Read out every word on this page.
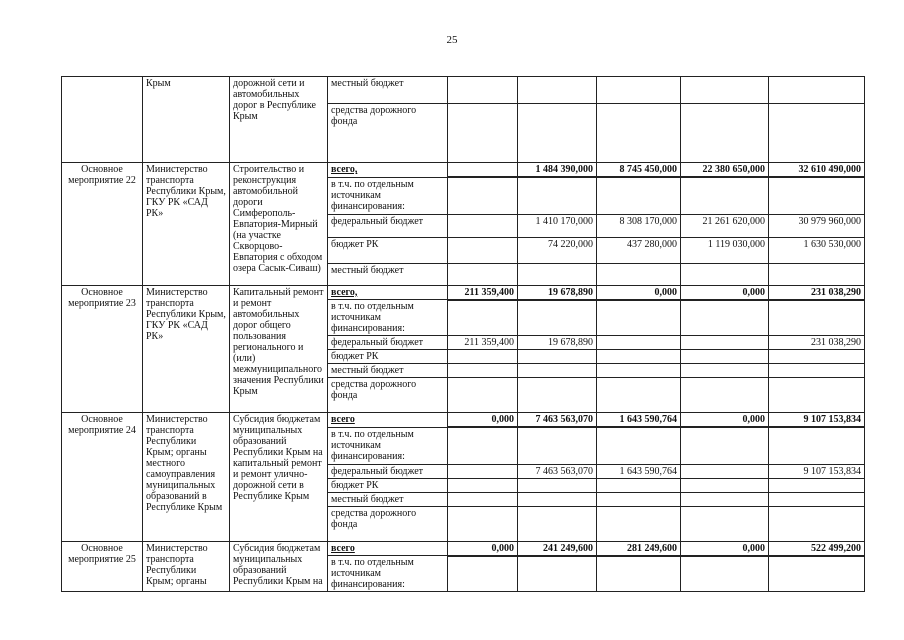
25
	Крым	дорожной сети и автомобильных дорог в Республике Крым	местный бюджет					
			средства дорожного фонда					

Основное мероприятие 22	Министерство транспорта Республики Крым, ГКУ РК «САД РК»	Строительство и реконструкция автомобильной дороги Симферополь-Евпатория-Мирный (на участке Скворцово-Евпатория с обходом озера Сасык-Сиваш)	всего,		1 484 390,000	8 745 450,000	22 380 650,000	32 610 490,000
			в т.ч. по отдельным источникам финансирования:					
			федеральный бюджет		1 410 170,000	8 308 170,000	21 261 620,000	30 979 960,000
			бюджет РК		74 220,000	437 280,000	1 119 030,000	1 630 530,000
			местный бюджет					

Основное мероприятие 23	Министерство транспорта Республики Крым, ГКУ РК «САД РК»	Капитальный ремонт и ремонт автомобильных дорог общего пользования регионального и (или) межмуниципального значения Республики Крым	всего,	211 359,400	19 678,890	0,000	0,000	231 038,290
			в т.ч. по отдельным источникам финансирования:					
			федеральный бюджет	211 359,400	19 678,890			231 038,290
			бюджет РК					
			местный бюджет					
			средства дорожного фонда					

Основное мероприятие 24	Министерство транспорта Республики Крым; органы местного самоуправления муниципальных образований в Республике Крым	Субсидия бюджетам муниципальных образований Республики Крым на капитальный ремонт и ремонт улично-дорожной сети в Республике Крым	всего	0,000	7 463 563,070	1 643 590,764	0,000	9 107 153,834
			в т.ч. по отдельным источникам финансирования:					
			федеральный бюджет		7 463 563,070	1 643 590,764		9 107 153,834
			бюджет РК					
			местный бюджет					
			средства дорожного фонда					

Основное мероприятие 25	Министерство транспорта Республики Крым; органы	Субсидия бюджетам муниципальных образований Республики Крым на	всего	0,000	241 249,600	281 249,600	0,000	522 499,200
			в т.ч. по отдельным источникам финансирования:					
